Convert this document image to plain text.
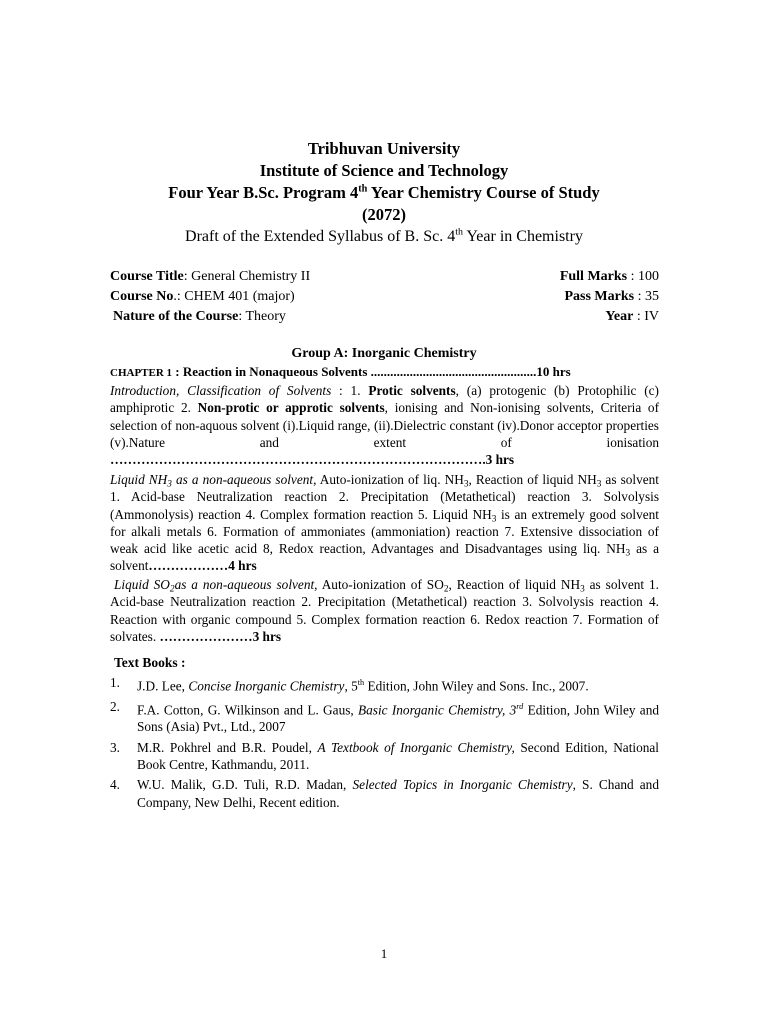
Tribhuvan University
Institute of Science and Technology
Four Year B.Sc. Program 4th Year Chemistry Course of Study
(2072)
Draft of the Extended Syllabus of B. Sc. 4th Year in Chemistry
Course Title: General Chemistry II	Full Marks : 100
Course No.: CHEM 401 (major)	Pass Marks : 35
Nature of the Course: Theory	Year : IV
Group A: Inorganic Chemistry
CHAPTER 1 : Reaction in Nonaqueous Solvents ...................................................10 hrs
Introduction, Classification of Solvents : 1. Protic solvents, (a) protogenic (b) Protophilic (c) amphiprotic 2. Non-protic or approtic solvents, ionising and Non-ionising solvents, Criteria of selection of non-aquous solvent (i).Liquid range, (ii).Dielectric constant (iv).Donor acceptor properties (v).Nature and extent of ionisation ………………………………………………………………………….3 hrs
Liquid $NH_3$ as a non-aqueous solvent, Auto-ionization of liq. $NH_3$, Reaction of liquid $NH_3$ as solvent 1. Acid-base Neutralization reaction 2. Precipitation (Metathetical) reaction 3. Solvolysis (Ammonolysis) reaction 4. Complex formation reaction 5. Liquid $NH_3$ is an extremely good solvent for alkali metals 6. Formation of ammoniates (ammoniation) reaction 7. Extensive dissociation of weak acid like acetic acid 8, Redox reaction, Advantages and Disadvantages using liq. $NH_3$ as a solvent………………4 hrs
Liquid $SO_2as$ a non-aqueous solvent, Auto-ionization of $SO_2$, Reaction of liquid $NH_3$ as solvent 1. Acid-base Neutralization reaction 2. Precipitation (Metathetical) reaction 3. Solvolysis reaction 4. Reaction with organic compound 5. Complex formation reaction 6. Redox reaction 7. Formation of solvates. …………………3 hrs
Text Books :
1.	J.D. Lee, Concise Inorganic Chemistry, 5th Edition, John Wiley and Sons. Inc., 2007.
2.	F.A. Cotton, G. Wilkinson and L. Gaus, Basic Inorganic Chemistry, 3rd Edition, John Wiley and Sons (Asia) Pvt., Ltd., 2007
3.	M.R. Pokhrel and B.R. Poudel, A Textbook of Inorganic Chemistry, Second Edition, National Book Centre, Kathmandu, 2011.
4.	W.U. Malik, G.D. Tuli, R.D. Madan, Selected Topics in Inorganic Chemistry, S. Chand and Company, New Delhi, Recent edition.
1
